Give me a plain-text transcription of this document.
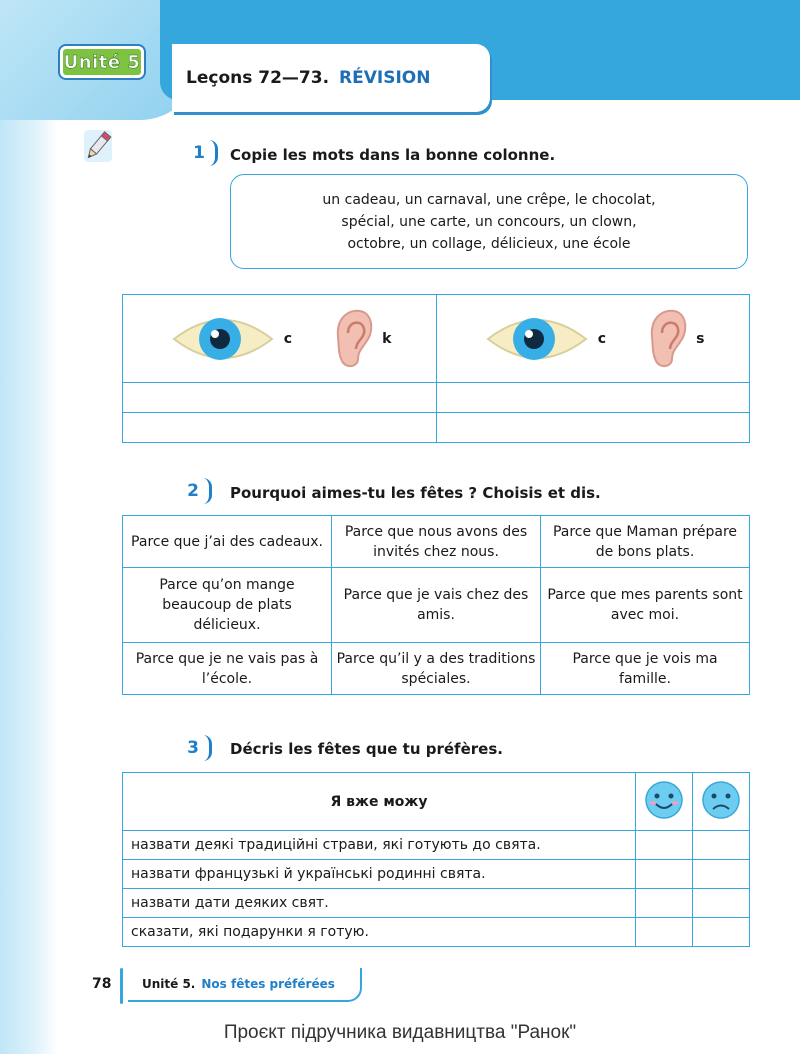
Unité 5
Leçons 72—73. RÉVISION
1	Copie les mots dans la bonne colonne.
un cadeau, un carnaval, une crêpe, le chocolat,
spécial, une carte, un concours, un clown,
octobre, un collage, délicieux, une école
c k	c s

2	Pourquoi aimes-tu les fêtes ? Choisis et dis.
Parce que j’ai des cadeaux.	Parce que nous avons des invités chez nous.	Parce que Maman prépare de bons plats.
Parce qu’on mange beaucoup de plats délicieux.	Parce que je vais chez des amis.	Parce que mes parents sont avec moi.
Parce que je ne vais pas à l’école.	Parce qu’il y a des traditions spéciales.	Parce que je vois ma famille.
3	Décris les fêtes que tu préfères.
Я вже можу		
назвати деякі традиційні страви, які готують до свята.		
назвати французькі й українські родинні свята.		
назвати дати деяких свят.		
сказати, які подарунки я готую.		
78	Unité 5. Nos fêtes préférées
Проєкт підручника видавництва "Ранок"
